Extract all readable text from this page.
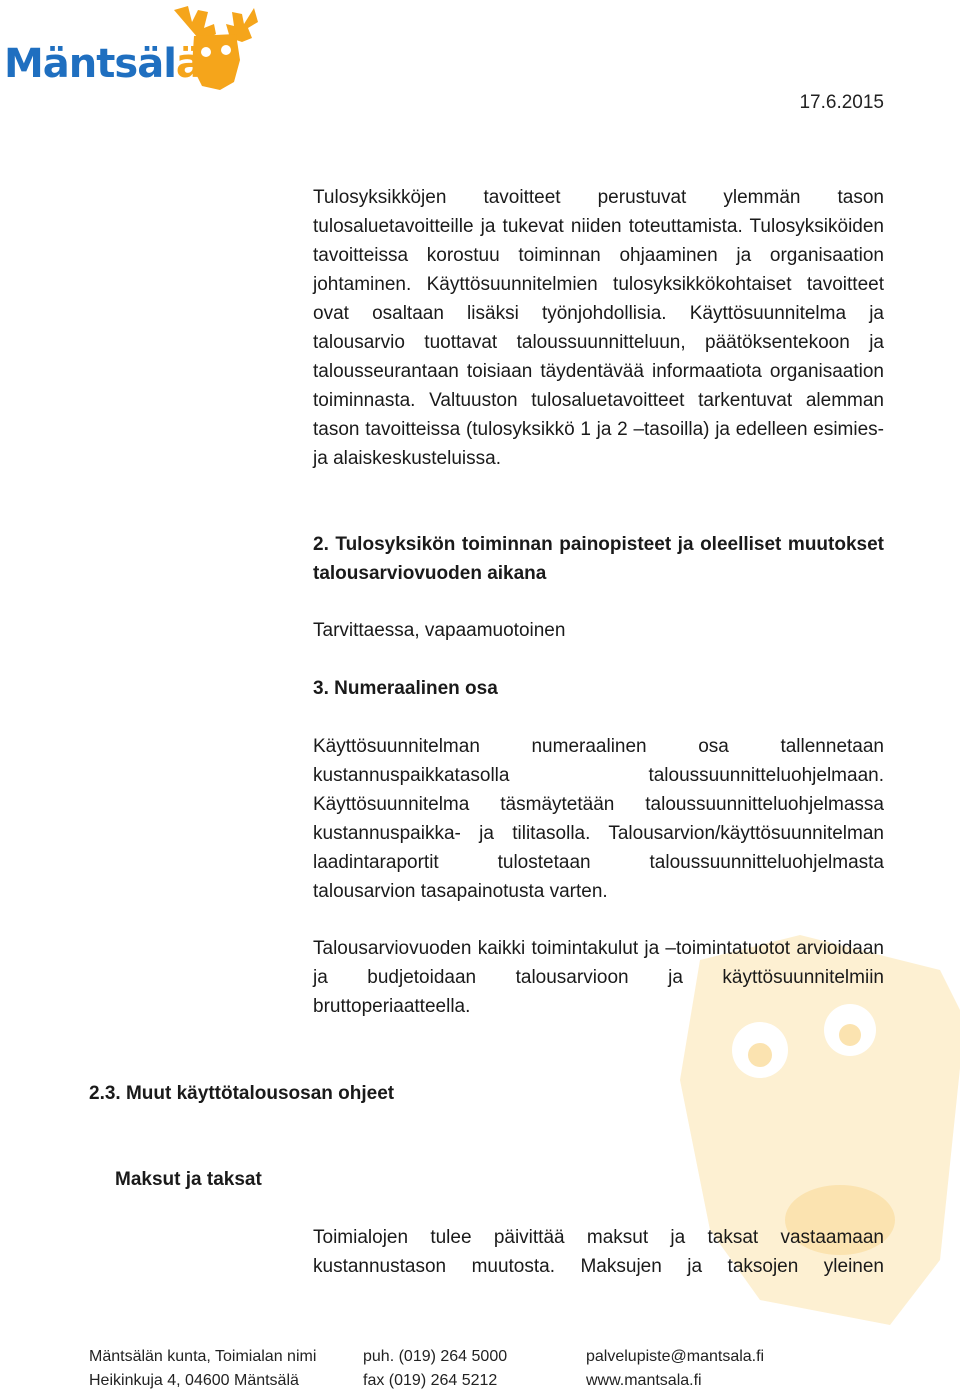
Mäntsälä
17.6.2015

Tulosyksikköjen tavoitteet perustuvat ylemmän tason tulosaluetavoitteille ja tukevat niiden toteuttamista. Tulosyksiköiden tavoitteissa korostuu toiminnan ohjaaminen ja organisaation johtaminen. Käyttösuunnitelmien tulosyksikkökohtaiset tavoitteet ovat osaltaan lisäksi työnjohdollisia. Käyttösuunnitelma ja talousarvio tuottavat taloussuunnitteluun, päätöksentekoon ja talousseurantaan toisiaan täydentävää informaatiota organisaation toiminnasta. Valtuuston tulosaluetavoitteet tarkentuvat alemman tason tavoitteissa (tulosyksikkö 1 ja 2 –tasoilla) ja edelleen esimies- ja alaiskeskusteluissa.

2. Tulosyksikön toiminnan painopisteet ja oleelliset muutokset talousarviovuoden aikana

Tarvittaessa, vapaamuotoinen

3. Numeraalinen osa

Käyttösuunnitelman numeraalinen osa tallennetaan kustannuspaikkatasolla taloussuunnitteluohjelmaan. Käyttösuunnitelma täsmäytetään taloussuunnitteluohjelmassa kustannuspaikka- ja tilitasolla. Talousarvion/käyttösuunnitelman laadintaraportit tulostetaan taloussuunnitteluohjelmasta talousarvion tasapainotusta varten.

Talousarviovuoden kaikki toimintakulut ja –toimintatuotot arvioidaan ja budjetoidaan talousarvioon ja käyttösuunnitelmiin bruttoperiaatteella.

2.3. Muut käyttötalousosan ohjeet
Maksut ja taksat

Toimialojen tulee päivittää maksut ja taksat vastaamaan kustannustason muutosta. Maksujen ja taksojen yleinen

Mäntsälän kunta, Toimialan nimi
Heikinkuja 4, 04600 Mäntsälä
puh. (019) 264 5000
fax (019) 264 5212
palvelupiste@mantsala.fi
www.mantsala.fi
